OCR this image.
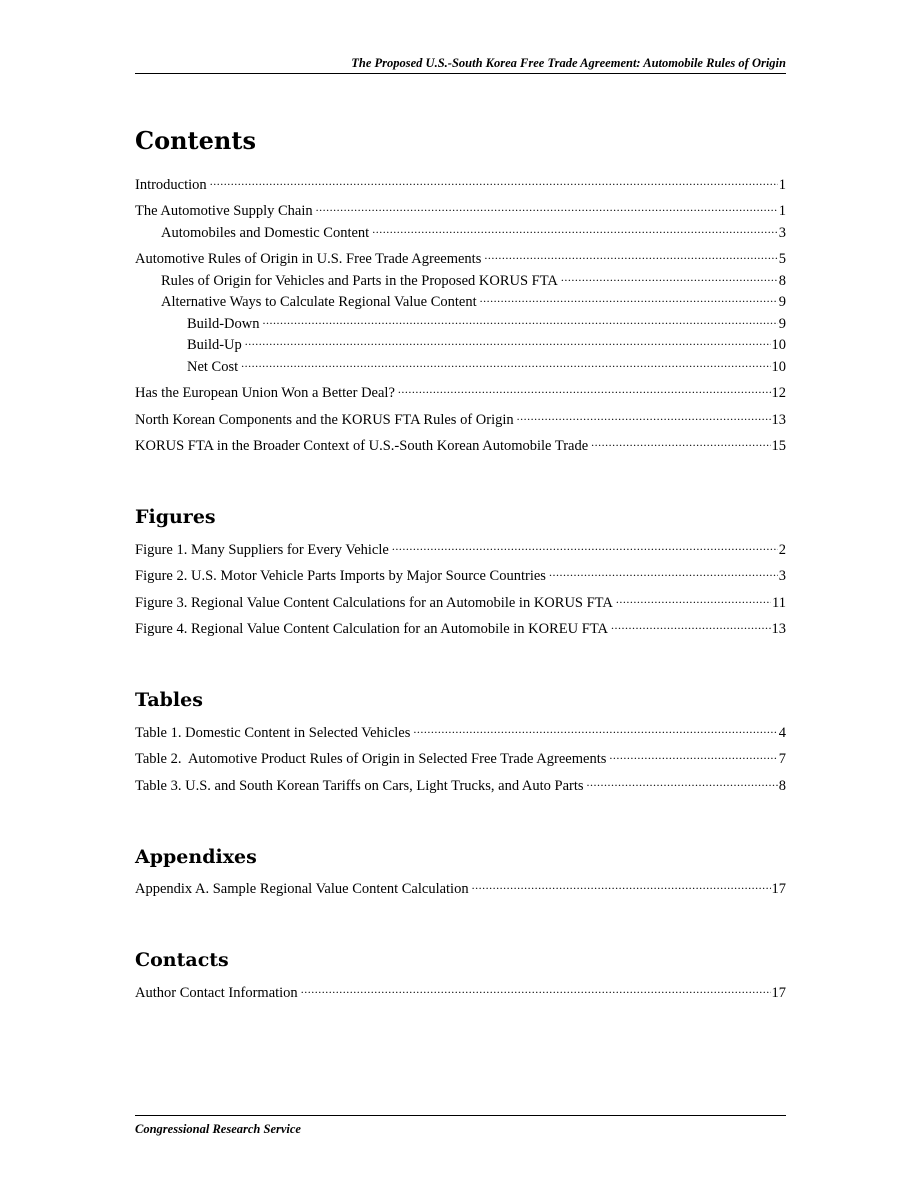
The Proposed U.S.-South Korea Free Trade Agreement: Automobile Rules of Origin
Contents
Introduction .....	1
The Automotive Supply Chain .....	1
Automobiles and Domestic Content .....	3
Automotive Rules of Origin in U.S. Free Trade Agreements .....	5
Rules of Origin for Vehicles and Parts in the Proposed KORUS FTA .....	8
Alternative Ways to Calculate Regional Value Content .....	9
Build-Down .....	9
Build-Up .....	10
Net Cost .....	10
Has the European Union Won a Better Deal? .....	12
North Korean Components and the KORUS FTA Rules of Origin .....	13
KORUS FTA in the Broader Context of U.S.-South Korean Automobile Trade .....	15
Figures
Figure 1. Many Suppliers for Every Vehicle .....	2
Figure 2. U.S. Motor Vehicle Parts Imports by Major Source Countries .....	3
Figure 3. Regional Value Content Calculations for an Automobile in KORUS FTA .....	11
Figure 4. Regional Value Content Calculation for an Automobile in KOREU FTA .....	13
Tables
Table 1. Domestic Content in Selected Vehicles .....	4
Table 2.  Automotive Product Rules of Origin in Selected Free Trade Agreements .....	7
Table 3. U.S. and South Korean Tariffs on Cars, Light Trucks, and Auto Parts .....	8
Appendixes
Appendix A. Sample Regional Value Content Calculation .....	17
Contacts
Author Contact Information .....	17
Congressional Research Service
